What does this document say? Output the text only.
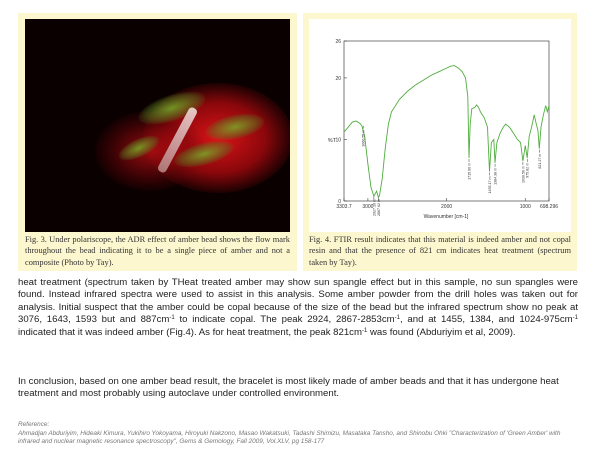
Fig. 3. Under polariscope, the ADR effect of amber bead shows the flow mark throughout the bead indicating it to be a single piece of amber and not a composite (Photo by Tay).
%T
Wavenumber [cm-1]
0
10
20
26
3303.7 3000	2000	1000 698.296
3060.55 m
2927.10 m 2867.62 m
1715.00 m
1455.17 m
1384.38 m	1030.56 m 975.82 m
821.27 m
Fig. 4. FTIR result indicates that this material is indeed amber and not copal resin and that the presence of 821 cm indicates heat treatment (spectrum taken by Tay).

heat treatment (spectrum taken by THeat treated amber may show sun spangle effect but in this sample, no sun spangles were found. Instead infrared spectra were used to assist in this analysis. Some amber powder from the drill holes was taken out for analysis. Initial suspect that the amber could be copal because of the size of the bead but the infrared spectrum show no peak at 3076, 1643, 1593 but and $887cm^{-1}$ to indicate copal. The peak 2924, $2867-2853cm^{-1}$, and at 1455, 1384, and $1024-975cm^{-1}$ indicated that it was indeed amber (Fig.4). As for heat treatment, the peak $821cm^{-1}$ was found (Abduriyim et al, 2009).

In conclusion, based on one amber bead result, the bracelet is most likely made of amber beads and that it has undergone heat treatment and most probably using autoclave under controlled environment.

Reference:
Ahmadjan Abduriyim, Hideaki Kimura, Yukihiro Yokoyama, Hiroyuki Nakzono, Masao Wakatsuki, Tadashi Shimizu, Masataka Tansho, and Shinobu Ohki "Characterization of 'Green Amber' with infrared and nuclear magnetic resonance spectroscopy", Gems & Gemology, Fall 2009, Vol.XLV, pg 158-177
